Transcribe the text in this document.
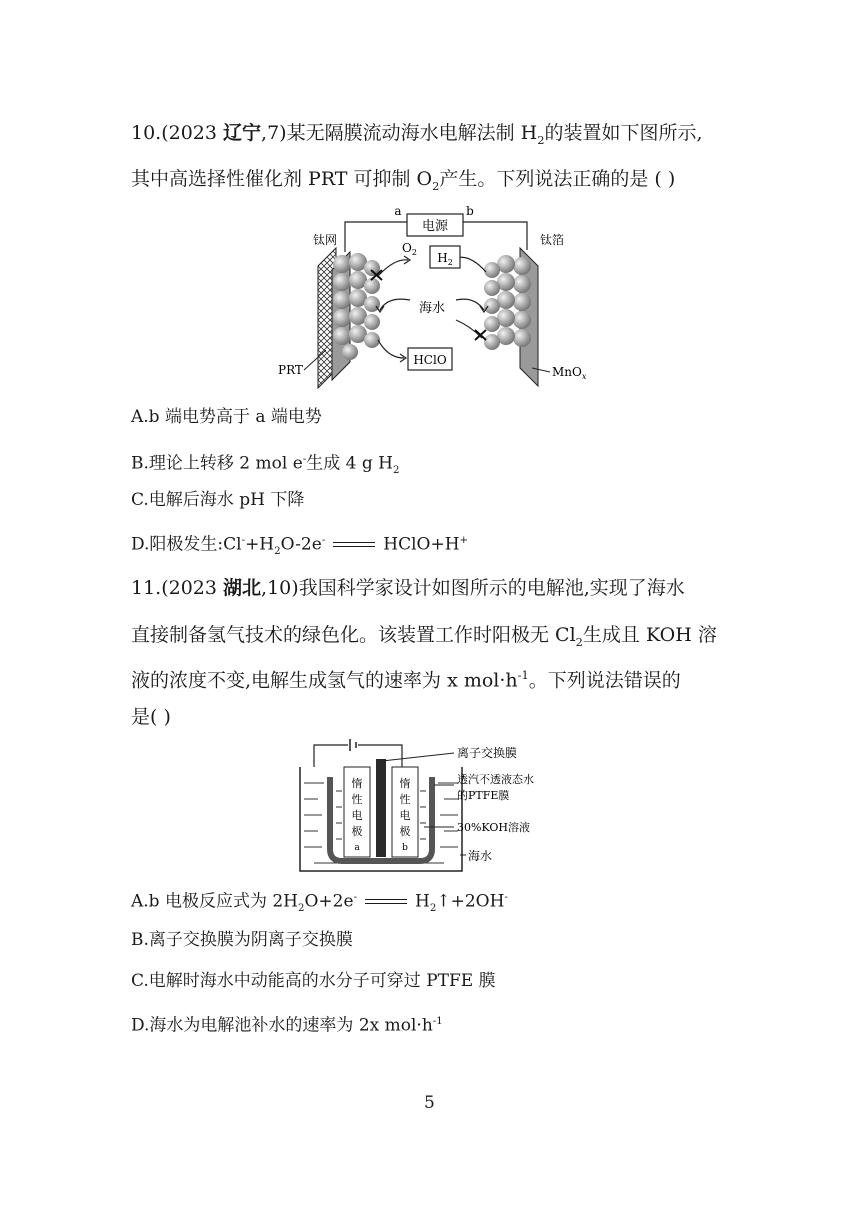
10.(2023 辽宁,7)某无隔膜流动海水电解法制 $H_2$的装置如下图所示,
其中高选择性催化剂 PRT 可抑制 $O_2$产生。下列说法正确的是 ( )
电源
a	b
钛网	钛箔
$O_2$ $H_2$
海水
HClO
PRT	MnO$_x$
A.b 端电势高于 a 端电势
B.理论上转移 2 mol e-生成 4 g $H_2$
C.电解后海水 pH 下降
D.阳极发生$:Cl^-+H_2O-2e^-$	HClO+H+
11.(2023 湖北,10)我国科学家设计如图所示的电解池,实现了海水
直接制备氢气技术的绿色化。该装置工作时阳极无 $Cl_2$生成且 KOH 溶
液的浓度不变,电解生成氢气的速率为 x $mol\cdot h^{-1}$。下列说法错误的
是( )
惰
性
电
极
a
惰
性
电
极
b
离子交换膜
透汽不透液态水
的PTFE膜
30%KOH溶液
海水
A.b 电极反应式为 $2H_2O+2e^-$	$H_2↑+2OH^-$
B.离子交换膜为阴离子交换膜
C.电解时海水中动能高的水分子可穿过 PTFE 膜
D.海水为电解池补水的速率为 2x $mol\cdot h^{-1}$
5
